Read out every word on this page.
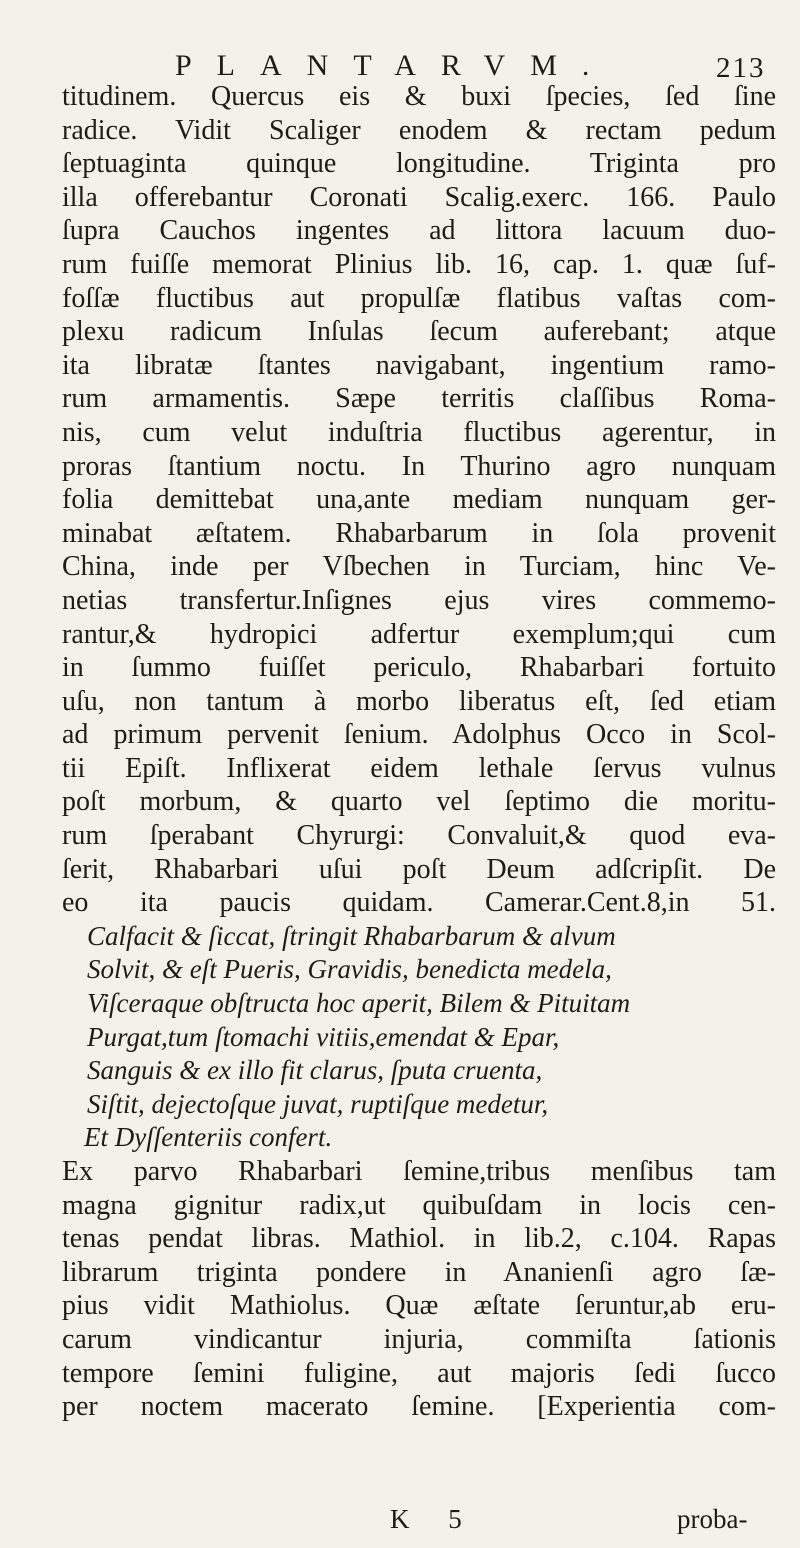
PLANTARVM.	213
titudinem. Quercus eis & buxi ſpecies, ſed ſine
radice. Vidit Scaliger enodem & rectam pedum
ſeptuaginta quinque longitudine. Triginta pro
illa offerebantur Coronati Scalig.exerc. 166. Paulo
ſupra Cauchos ingentes ad littora lacuum duo-
rum fuiſſe memorat Plinius lib. 16, cap. 1. quæ ſuf-
foſſæ fluctibus aut propulſæ flatibus vaſtas com-
plexu radicum Inſulas ſecum auferebant; atque
ita libratæ ſtantes navigabant, ingentium ramo-
rum armamentis. Sæpe territis claſſibus Roma-
nis, cum velut induſtria fluctibus agerentur, in
proras ſtantium noctu. In Thurino agro nunquam
folia demittebat una,ante mediam nunquam ger-
minabat æſtatem. Rhabarbarum in ſola provenit
China, inde per Vſbechen in Turciam, hinc Ve-
netias transfertur.Inſignes ejus vires commemo-
rantur,& hydropici adfertur exemplum;qui cum
in ſummo fuiſſet periculo, Rhabarbari fortuito
uſu, non tantum à morbo liberatus eſt, ſed etiam
ad primum pervenit ſenium. Adolphus Occo in Scol-
tii Epiſt. Inflixerat eidem lethale ſervus vulnus
poſt morbum, & quarto vel ſeptimo die moritu-
rum ſperabant Chyrurgi: Convaluit,& quod eva-
ſerit, Rhabarbari uſui poſt Deum adſcripſit. De
eo ita paucis quidam. Camerar.Cent.8,in 51.
Calfacit & ſiccat, ſtringit Rhabarbarum & alvum
Solvit, & eſt Pueris, Gravidis, benedicta medela,
Viſceraque obſtructa hoc aperit, Bilem & Pituitam
Purgat,tum ſtomachi vitiis,emendat & Epar,
Sanguis & ex illo fit clarus, ſputa cruenta,
Siſtit, dejectoſque juvat, ruptiſque medetur,
Et Dyſſenteriis confert.
Ex parvo Rhabarbari ſemine,tribus menſibus tam
magna gignitur radix,ut quibuſdam in locis cen-
tenas pendat libras. Mathiol. in lib.2, c.104. Rapas
librarum triginta pondere in Ananienſi agro ſæ-
pius vidit Mathiolus. Quæ æſtate ſeruntur,ab eru-
carum vindicantur injuria, commiſta ſationis
tempore ſemini fuligine, aut majoris ſedi ſucco
per noctem macerato ſemine. [Experientia com-
K 5	proba-
